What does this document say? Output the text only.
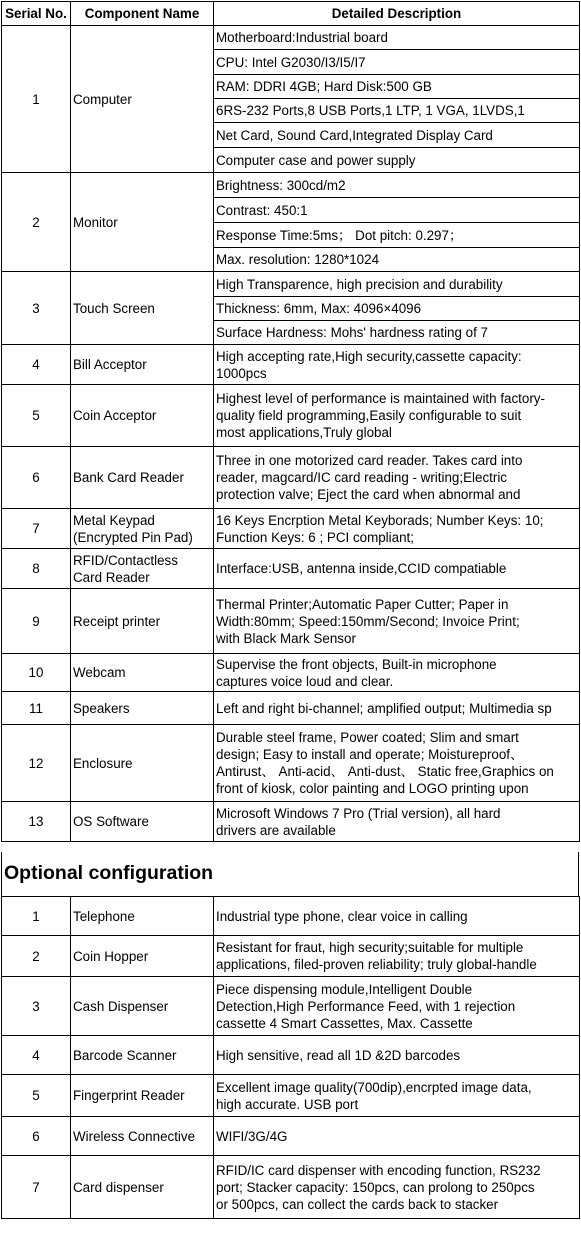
Serial No.	Component Name	Detailed Description
1	Computer	Motherboard:Industrial board
		CPU: Intel G2030/I3/I5/I7
		RAM: DDRI 4GB; Hard Disk:500 GB
		6RS-232 Ports,8 USB Ports,1 LTP, 1 VGA, 1LVDS,1
		Net Card, Sound Card,Integrated Display Card
		Computer case and power supply
2	Monitor	Brightness: 300cd/m2
		Contrast: 450:1
		Response Time:5ms； Dot pitch: 0.297；
		Max. resolution: 1280*1024
3	Touch Screen	High Transparence, high precision and durability
		Thickness: 6mm, Max: 4096×4096
		Surface Hardness: Mohs' hardness rating of 7
4	Bill Acceptor	High accepting rate,High security,cassette capacity:
1000pcs
5	Coin Acceptor	Highest level of performance is maintained with factory-
quality field programming,Easily configurable to suit
most applications,Truly global
6	Bank Card Reader	Three in one motorized card reader. Takes card into
reader, magcard/IC card reading - writing;Electric
protection valve; Eject the card when abnormal and
7	Metal Keypad
(Encrypted Pin Pad)	16 Keys Encrption Metal Keyborads; Number Keys: 10;
Function Keys: 6 ; PCI compliant;
8	RFID/Contactless
Card Reader	Interface:USB, antenna inside,CCID compatiable
9	Receipt printer	Thermal Printer;Automatic Paper Cutter; Paper in
Width:80mm; Speed:150mm/Second; Invoice Print;
with Black Mark Sensor
10	Webcam	Supervise the front objects, Built-in microphone
captures voice loud and clear.
11	Speakers	Left and right bi-channel; amplified output; Multimedia sp
12	Enclosure	Durable steel frame, Power coated; Slim and smart
design; Easy to install and operate; Moistureproof、
Antirust、 Anti-acid、 Anti-dust、 Static free,Graphics on
front of kiosk, color painting and LOGO printing upon
13	OS Software	Microsoft Windows 7 Pro (Trial version), all hard
drivers are available
Optional configuration
1	Telephone	Industrial type phone, clear voice in calling
2	Coin Hopper	Resistant for fraut, high security;suitable for multiple
applications, filed-proven reliability; truly global-handle
3	Cash Dispenser	Piece dispensing module,Intelligent Double
Detection,High Performance Feed, with 1 rejection
cassette 4 Smart Cassettes, Max. Cassette
4	Barcode Scanner	High sensitive, read all 1D &2D barcodes
5	Fingerprint Reader	Excellent image quality(700dip),encrpted image data,
high accurate. USB port
6	Wireless Connective	WIFI/3G/4G
7	Card dispenser	RFID/IC card dispenser with encoding function, RS232
port; Stacker capacity: 150pcs, can prolong to 250pcs
or 500pcs, can collect the cards back to stacker
